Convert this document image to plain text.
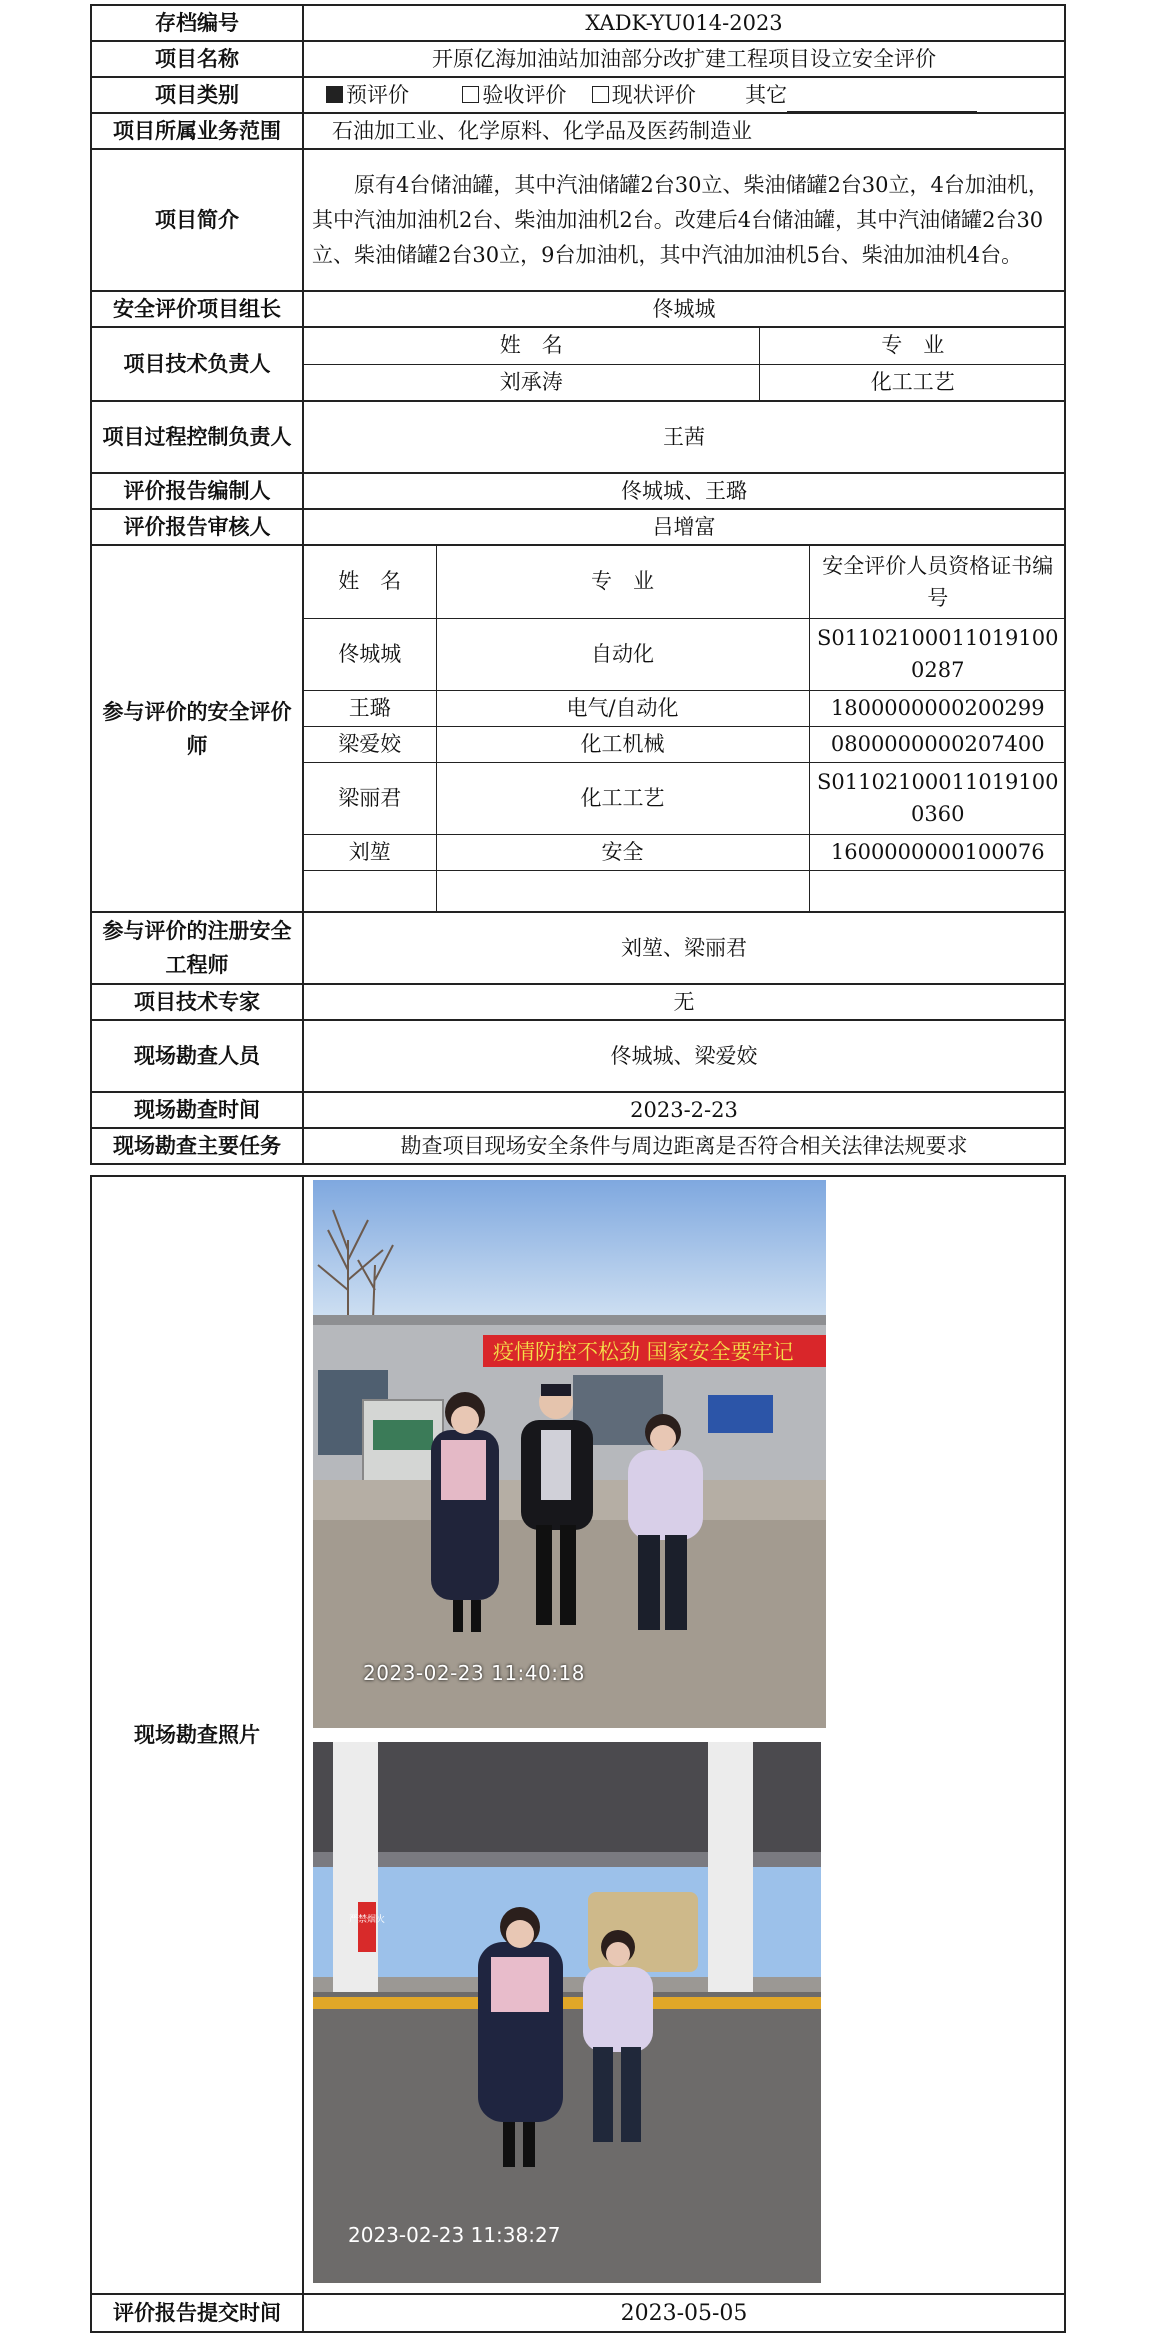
存档编号	XADK-YU014-2023
项目名称	开原亿海加油站加油部分改扩建工程项目设立安全评价
项目类别	预评价	验收评价 现状评价 其它
项目所属业务范围	石油加工业、化学原料、化学品及医药制造业
项目简介	原有4台储油罐，其中汽油储罐2台30立、柴油储罐2台30立，4台加油机，其中汽油加油机2台、柴油加油机2台。改建后4台储油罐，其中汽油储罐2台30立、柴油储罐2台30立，9台加油机，其中汽油加油机5台、柴油加油机4台。
安全评价项目组长	佟城城
项目技术负责人	
姓　名	专　业
刘承涛	化工工艺

项目过程控制负责人	王茜
评价报告编制人	佟城城、王璐
评价报告审核人	吕增富
参与评价的安全评价师	
姓　名	专　业	安全评价人员资格证书编号
佟城城	自动化	S011021000110191000287
王璐	电气/自动化	1800000000200299
梁爱姣	化工机械	0800000000207400
梁丽君	化工工艺	S011021000110191000360
刘堃	安全	1600000000100076

参与评价的注册安全工程师	刘堃、梁丽君
项目技术专家	无
现场勘查人员	佟城城、梁爱姣
现场勘查时间	2023-2-23
现场勘查主要任务	勘查项目现场安全条件与周边距离是否符合相关法律法规要求
现场勘查照片	
评价报告提交时间	2023-05-05
疫情防控不松劲 国家安全要牢记
2023-02-23 11:40:18
严禁烟火
2023-02-23 11:38:27
